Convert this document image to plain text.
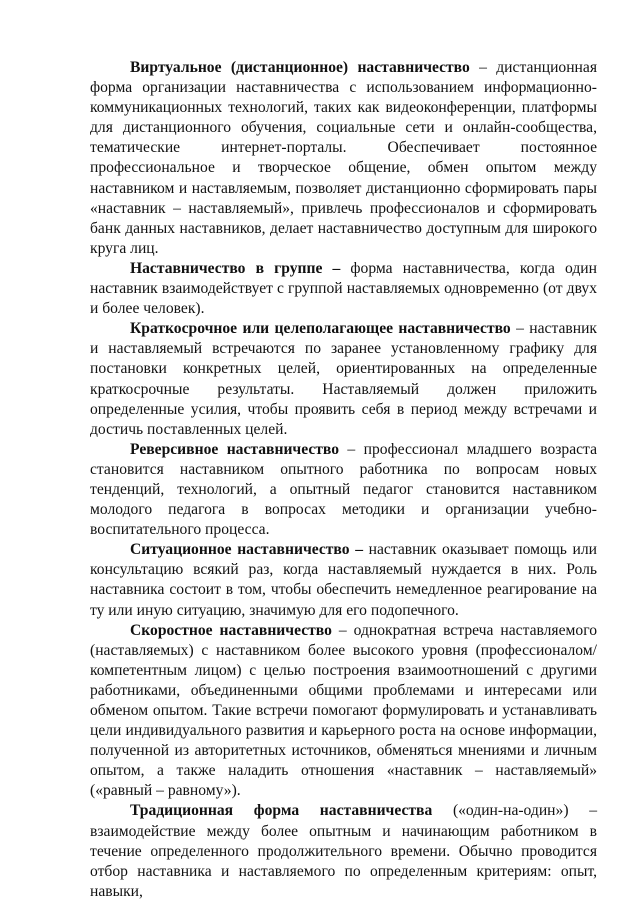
Виртуальное (дистанционное) наставничество – дистанционная форма организации наставничества с использованием информационно-коммуникационных технологий, таких как видеоконференции, платформы для дистанционного обучения, социальные сети и онлайн-сообщества, тематические интернет-порталы. Обеспечивает постоянное профессиональное и творческое общение, обмен опытом между наставником и наставляемым, позволяет дистанционно сформировать пары «наставник – наставляемый», привлечь профессионалов и сформировать банк данных наставников, делает наставничество доступным для широкого круга лиц.

Наставничество в группе – форма наставничества, когда один наставник взаимодействует с группой наставляемых одновременно (от двух и более человек).

Краткосрочное или целеполагающее наставничество – наставник и наставляемый встречаются по заранее установленному графику для постановки конкретных целей, ориентированных на определенные краткосрочные результаты. Наставляемый должен приложить определенные усилия, чтобы проявить себя в период между встречами и достичь поставленных целей.

Реверсивное наставничество – профессионал младшего возраста становится наставником опытного работника по вопросам новых тенденций, технологий, а опытный педагог становится наставником молодого педагога в вопросах методики и организации учебно-воспитательного процесса.

Ситуационное наставничество – наставник оказывает помощь или консультацию всякий раз, когда наставляемый нуждается в них. Роль наставника состоит в том, чтобы обеспечить немедленное реагирование на ту или иную ситуацию, значимую для его подопечного.

Скоростное наставничество – однократная встреча наставляемого (наставляемых) с наставником более высокого уровня (профессионалом/компетентным лицом) с целью построения взаимоотношений с другими работниками, объединенными общими проблемами и интересами или обменом опытом. Такие встречи помогают формулировать и устанавливать цели индивидуального развития и карьерного роста на основе информации, полученной из авторитетных источников, обменяться мнениями и личным опытом, а также наладить отношения «наставник – наставляемый» («равный – равному»).

Традиционная форма наставничества («один-на-один») – взаимодействие между более опытным и начинающим работником в течение определенного продолжительного времени. Обычно проводится отбор наставника и наставляемого по определенным критериям: опыт, навыки,
